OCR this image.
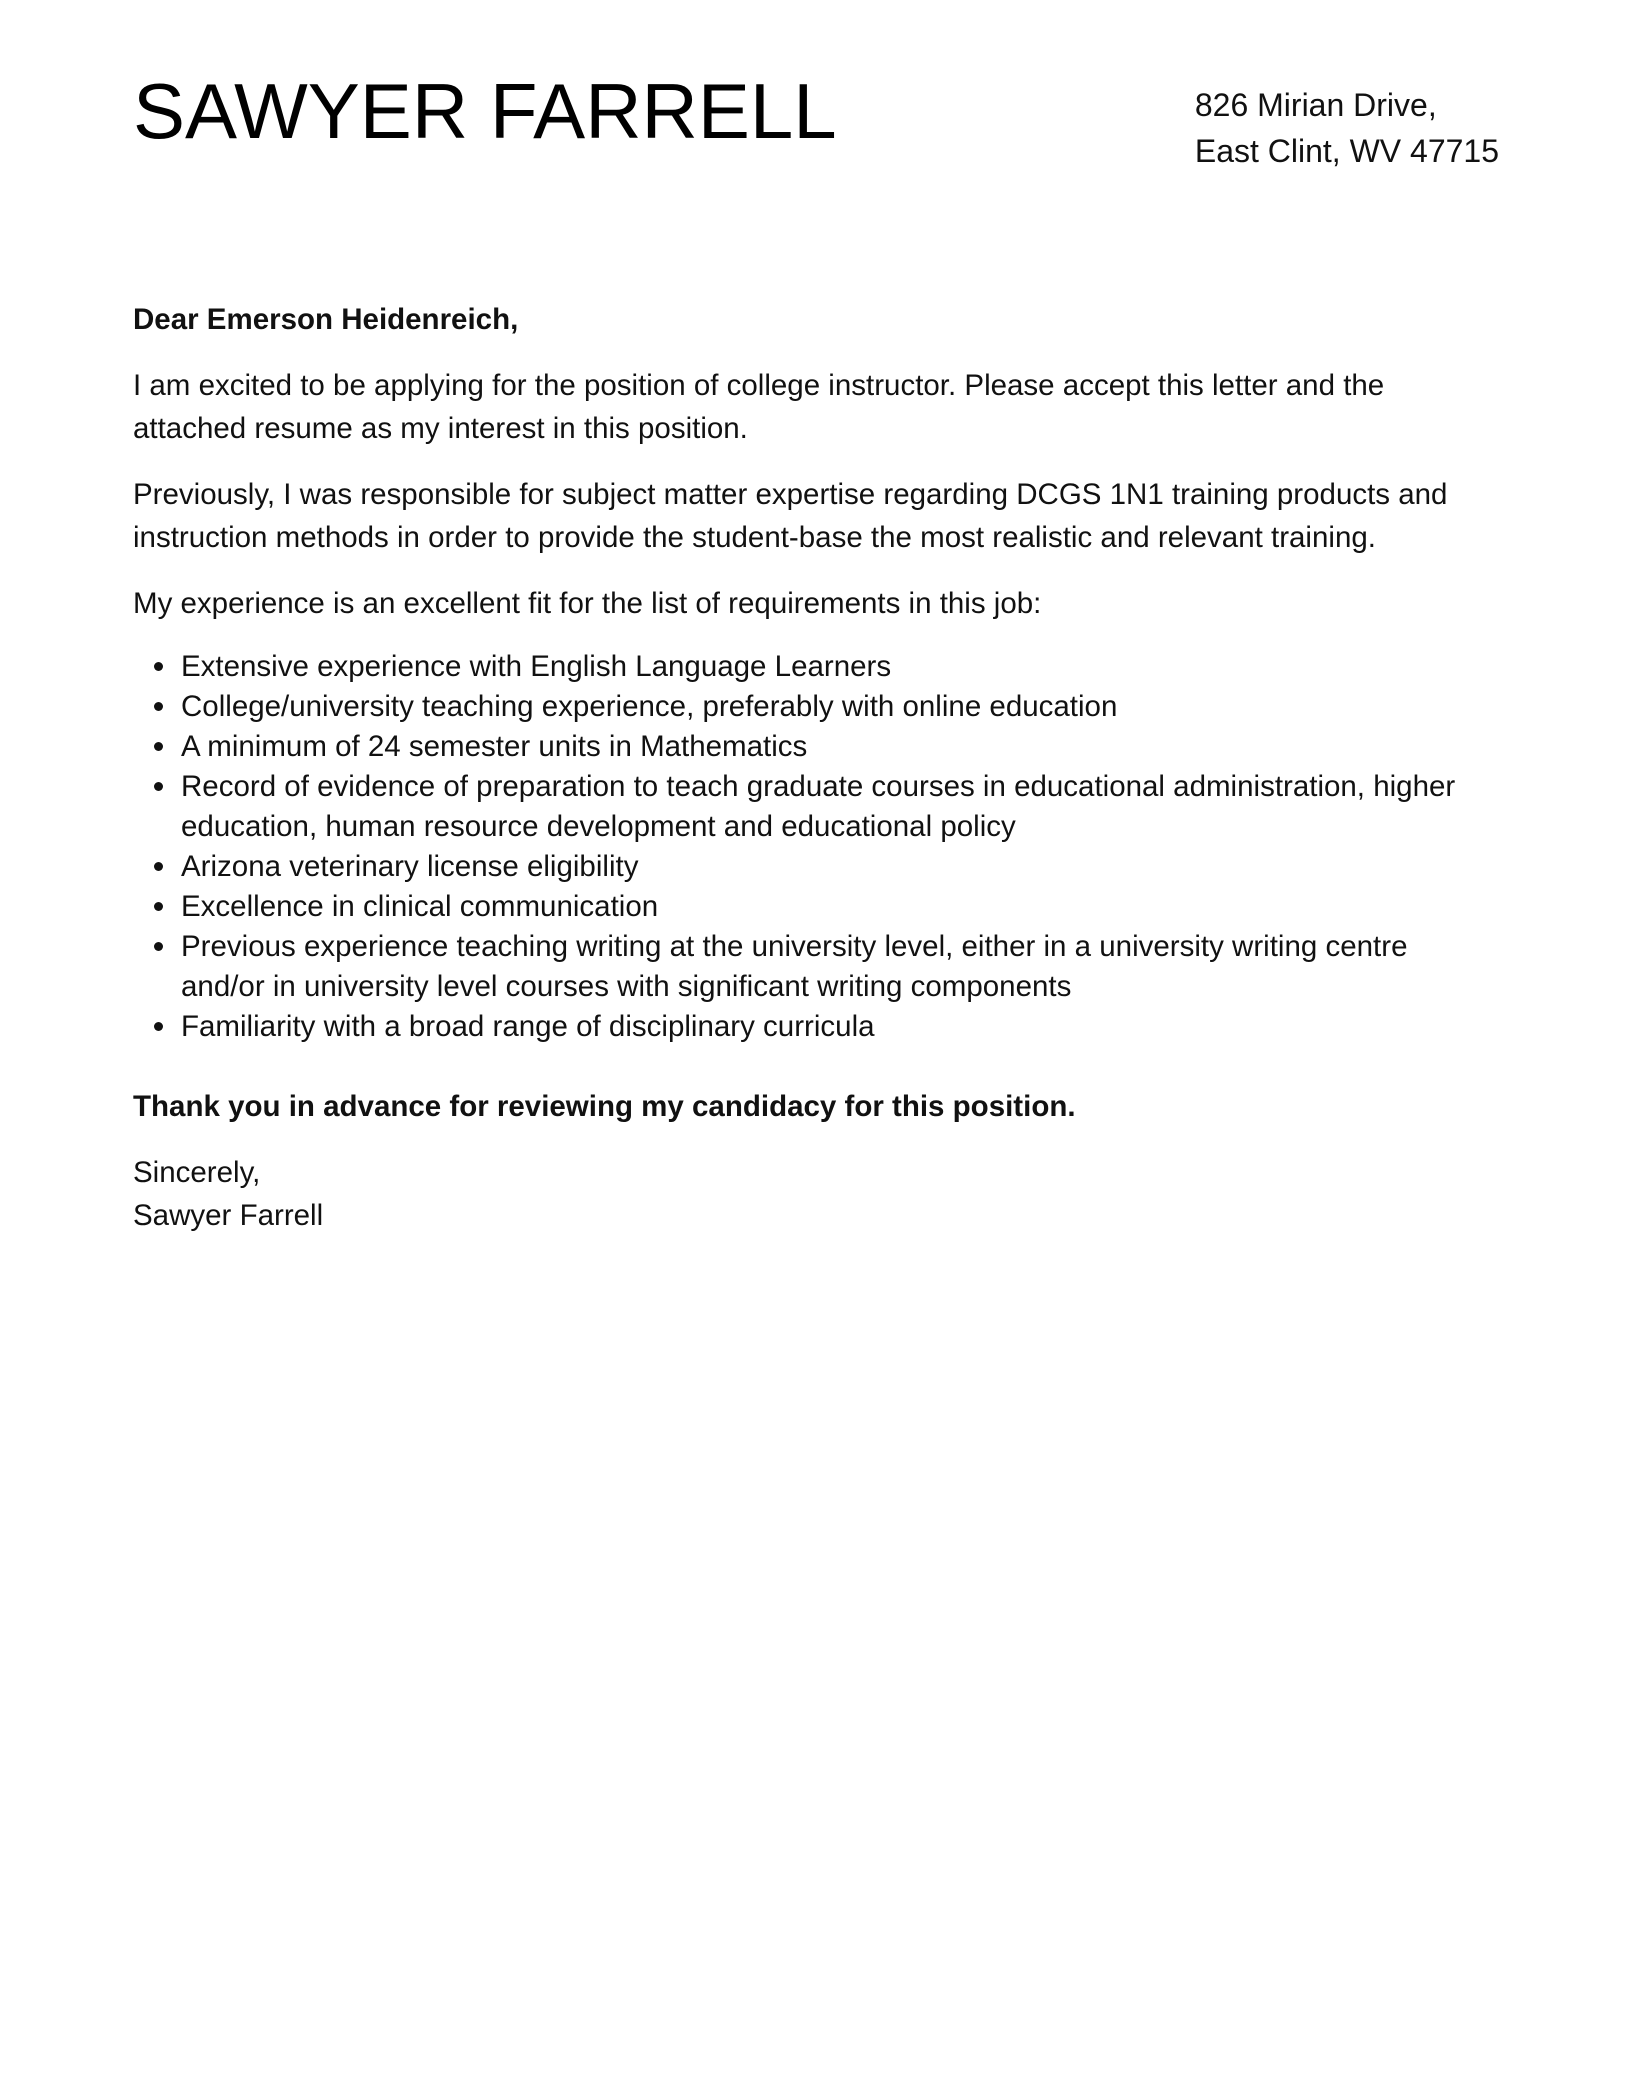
SAWYER FARRELL	826 Mirian Drive,
East Clint, WV 47715

Dear Emerson Heidenreich,

I am excited to be applying for the position of college instructor. Please accept this letter and the attached resume as my interest in this position.

Previously, I was responsible for subject matter expertise regarding DCGS 1N1 training products and instruction methods in order to provide the student-base the most realistic and relevant training.

My experience is an excellent fit for the list of requirements in this job:

Extensive experience with English Language Learners
College/university teaching experience, preferably with online education
A minimum of 24 semester units in Mathematics
Record of evidence of preparation to teach graduate courses in educational administration, higher education, human resource development and educational policy
Arizona veterinary license eligibility
Excellence in clinical communication
Previous experience teaching writing at the university level, either in a university writing centre and/or in university level courses with significant writing components
Familiarity with a broad range of disciplinary curricula

Thank you in advance for reviewing my candidacy for this position.

Sincerely,

Sawyer Farrell
